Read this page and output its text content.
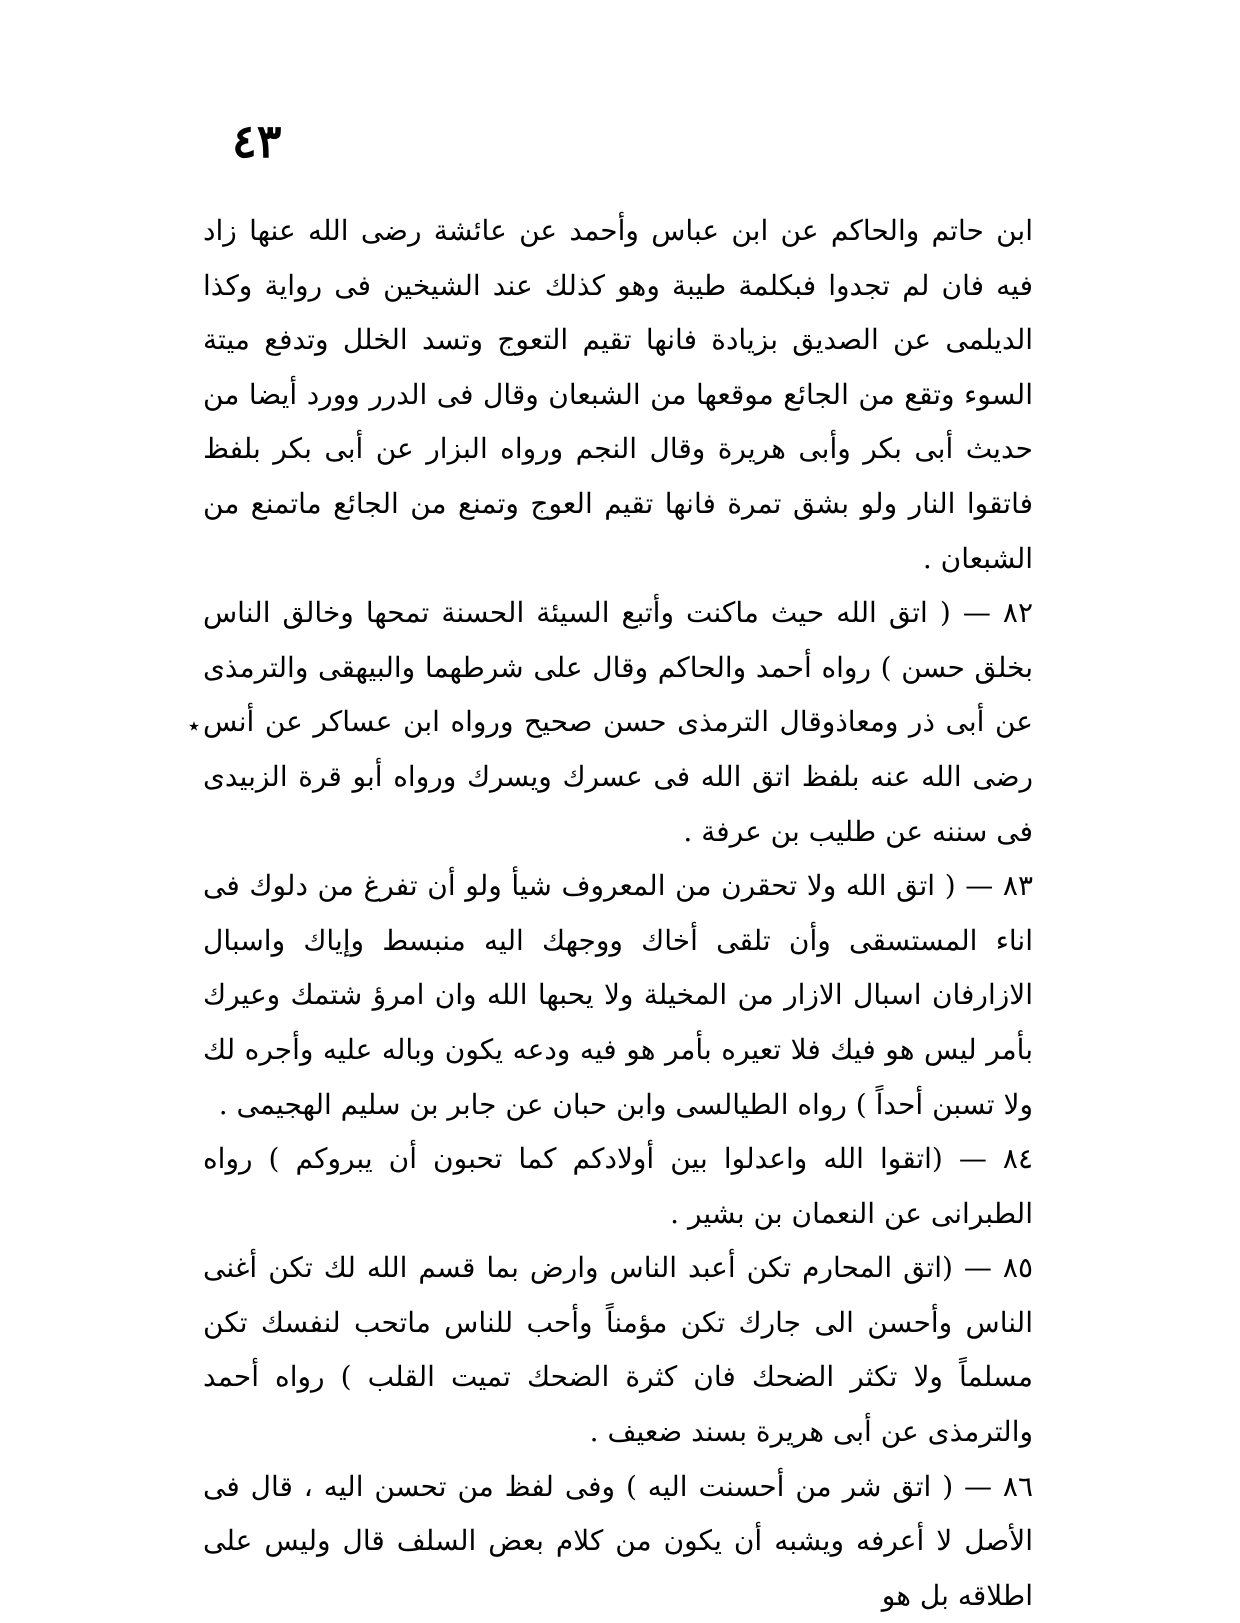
٤٣

ابن حاتم والحاكم عن ابن عباس وأحمد عن عائشة رضى الله عنها زاد فيه فان لم تجدوا فبكلمة طيبة وهو كذلك عند الشيخين فى رواية وكذا الديلمى عن الصديق بزيادة فانها تقيم التعوج وتسد الخلل وتدفع ميتة السوء وتقع من الجائع موقعها من الشبعان وقال فى الدرر وورد أيضا من حديث أبى بكر وأبى هريرة وقال النجم ورواه البزار عن أبى بكر بلفظ فاتقوا النار ولو بشق تمرة فانها تقيم العوج وتمنع من الجائع ماتمنع من الشبعان .

٨٢ — ( اتق الله حيث ماكنت وأتبع السيئة الحسنة تمحها وخالق الناس بخلق حسن ) رواه أحمد والحاكم وقال على شرطهما والبيهقى والترمذى عن أبى ذر ومعاذوقال الترمذى حسن صحيح ورواه ابن عساكر عن أنس رضى الله عنه بلفظ اتق الله فى عسرك ويسرك ورواه أبو قرة الزبيدى فى سننه عن طليب بن عرفة .

٨٣ — ( اتق الله ولا تحقرن من المعروف شيأ ولو أن تفرغ من دلوك فى اناء المستسقى وأن تلقى أخاك ووجهك اليه منبسط وإياك واسبال الازارفان اسبال الازار من المخيلة ولا يحبها الله وان امرؤ شتمك وعيرك بأمر ليس هو فيك فلا تعيره بأمر هو فيه ودعه يكون وباله عليه وأجره لك ولا تسبن أحداً ) رواه الطيالسى وابن حبان عن جابر بن سليم الهجيمى .

٨٤ — (اتقوا الله واعدلوا بين أولادكم كما تحبون أن يبروكم ) رواه الطبرانى عن النعمان بن بشير .

٨٥ — (اتق المحارم تكن أعبد الناس وارض بما قسم الله لك تكن أغنى الناس وأحسن الى جارك تكن مؤمناً وأحب للناس ماتحب لنفسك تكن مسلماً ولا تكثر الضحك فان كثرة الضحك تميت القلب ) رواه أحمد والترمذى عن أبى هريرة بسند ضعيف .

٨٦ — ( اتق شر من أحسنت اليه ) وفى لفظ من تحسن اليه ، قال فى الأصل لا أعرفه ويشبه أن يكون من كلام بعض السلف قال وليس على اطلاقه بل هو

٭
